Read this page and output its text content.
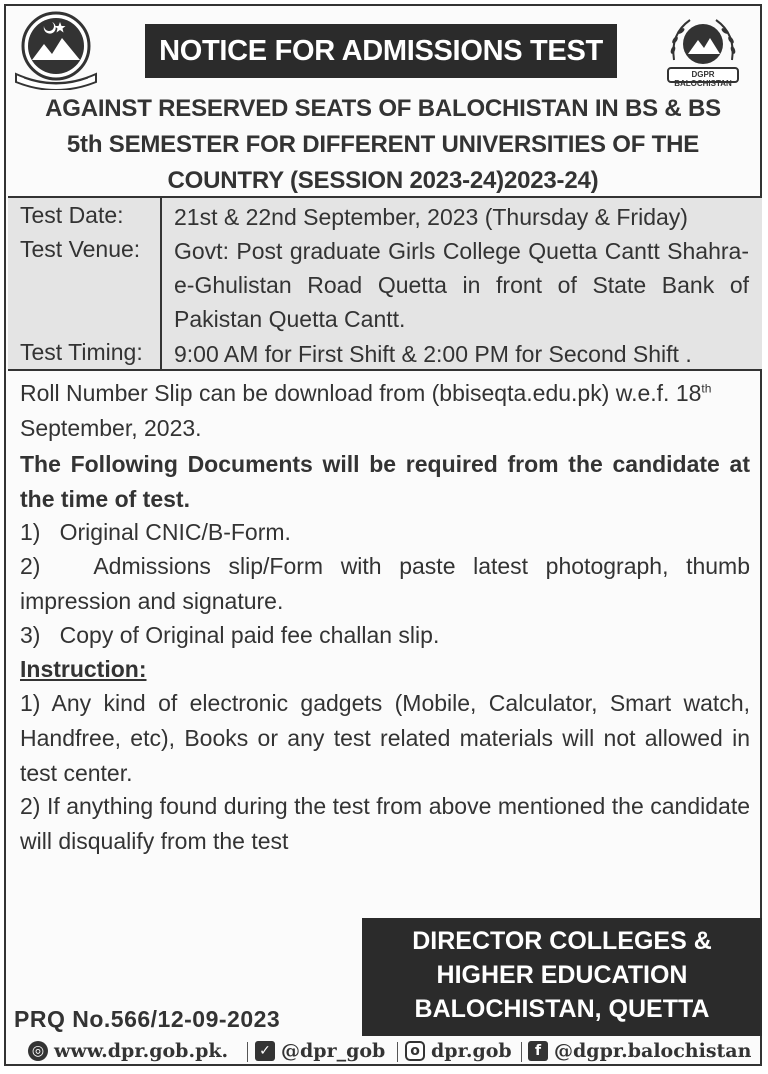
DGPR BALOCHISTAN
NOTICE FOR ADMISSIONS TEST
AGAINST RESERVED SEATS OF BALOCHISTAN IN BS & BS
5th SEMESTER FOR DIFFERENT UNIVERSITIES OF THE
COUNTRY (SESSION 2023-24)2023-24)
Test Date: 21st & 22nd September, 2023 (Thursday & Friday)
Test Venue: Govt: Post graduate Girls College Quetta Cantt Shahra-e-Ghulistan Road Quetta in front of State Bank of Pakistan Quetta Cantt.
Test Timing: 9:00 AM for First Shift & 2:00 PM for Second Shift .
Roll Number Slip can be download from (bbiseqta.edu.pk) w.e.f. 18th
September, 2023.
The Following Documents will be required from the candidate at the time of test.
1) Original CNIC/B-Form.
2) Admissions slip/Form with paste latest photograph, thumb impression and signature.
3) Copy of Original paid fee challan slip.
Instruction:
1) Any kind of electronic gadgets (Mobile, Calculator, Smart watch, Handfree, etc), Books or any test related materials will not allowed in test center.
2) If anything found during the test from above mentioned the candidate will disqualify from the test
DIRECTOR COLLEGES &
HIGHER EDUCATION
BALOCHISTAN, QUETTA
PRQ No.566/12-09-2023
◎ www.dpr.gob.pk. ✓ @dpr_gob	o dpr.gob	f @dgpr.balochistan
